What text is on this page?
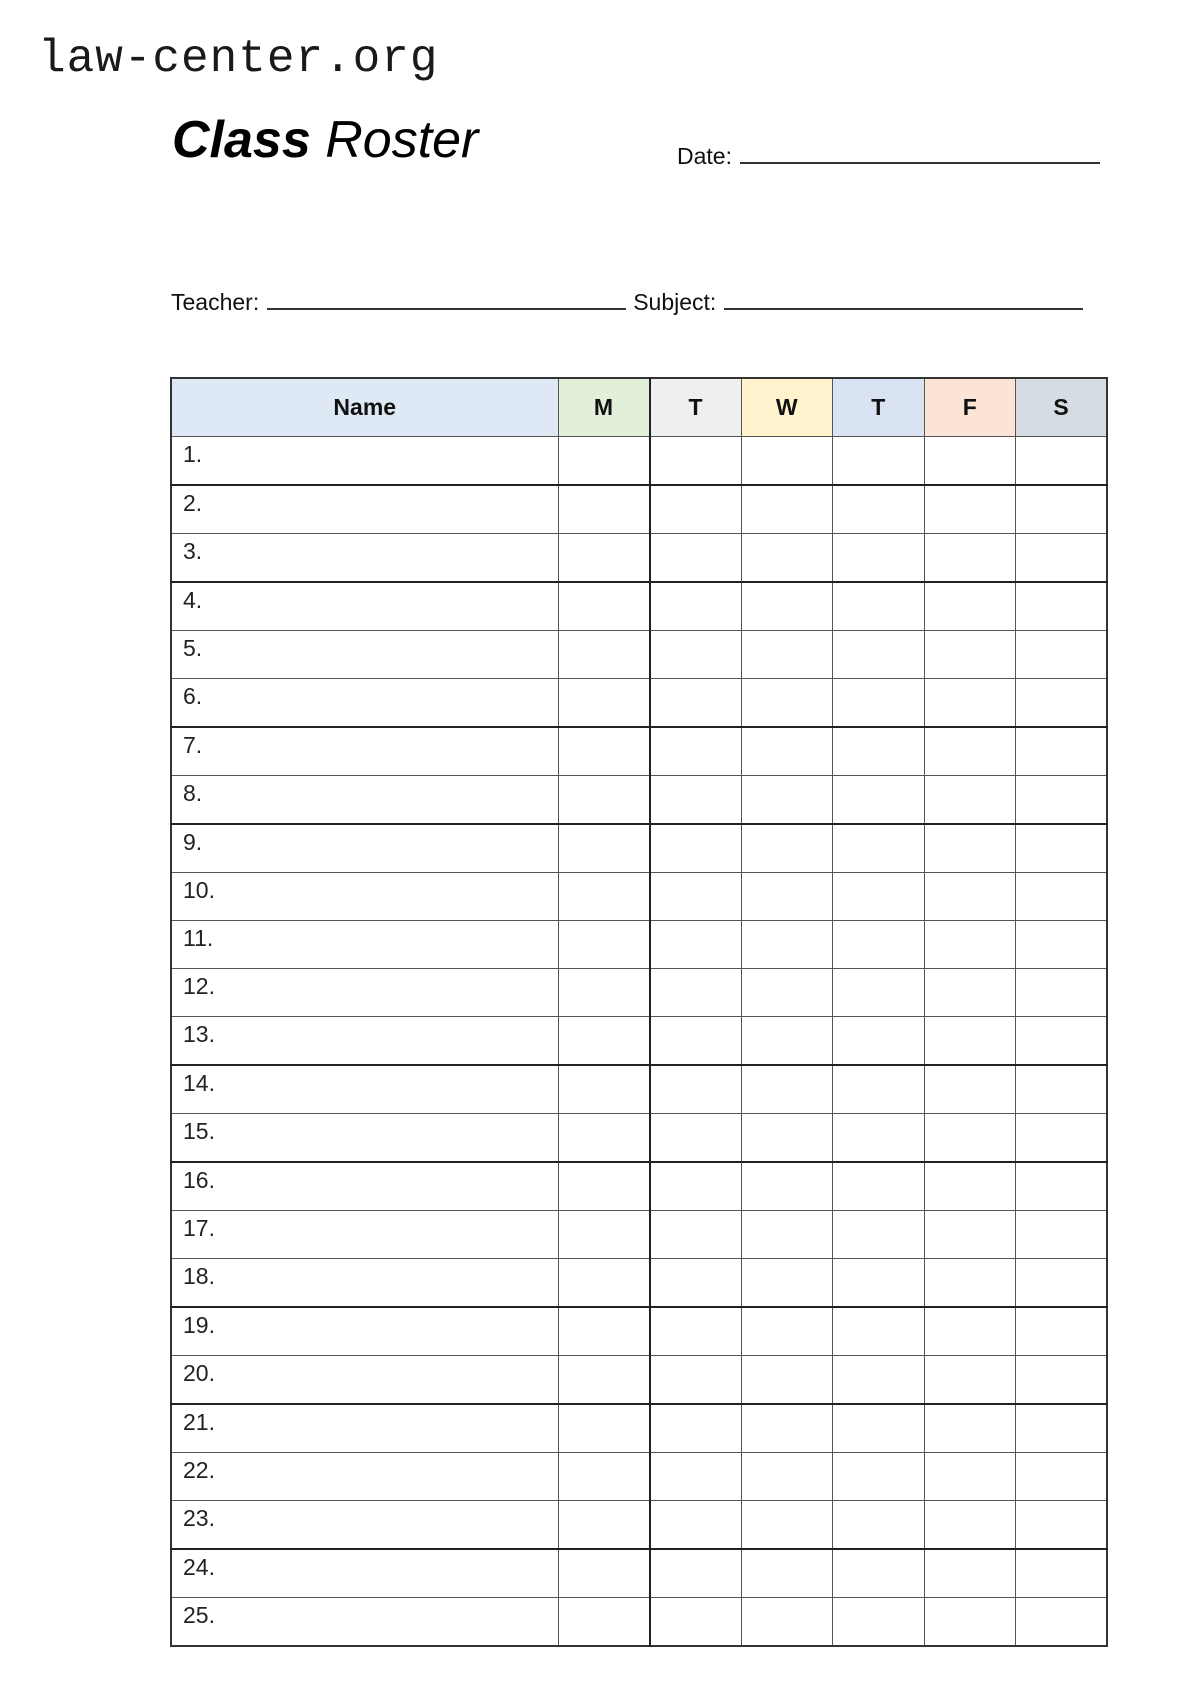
law-center.org
Class Roster	Date:
Teacher:	Subject:
Name	M	T	W	T	F	S
1.						
2.						
3.						
4.						
5.						
6.						
7.						
8.						
9.						
10.						
11.						
12.						
13.						
14.						
15.						
16.						
17.						
18.						
19.						
20.						
21.						
22.						
23.						
24.						
25.						
